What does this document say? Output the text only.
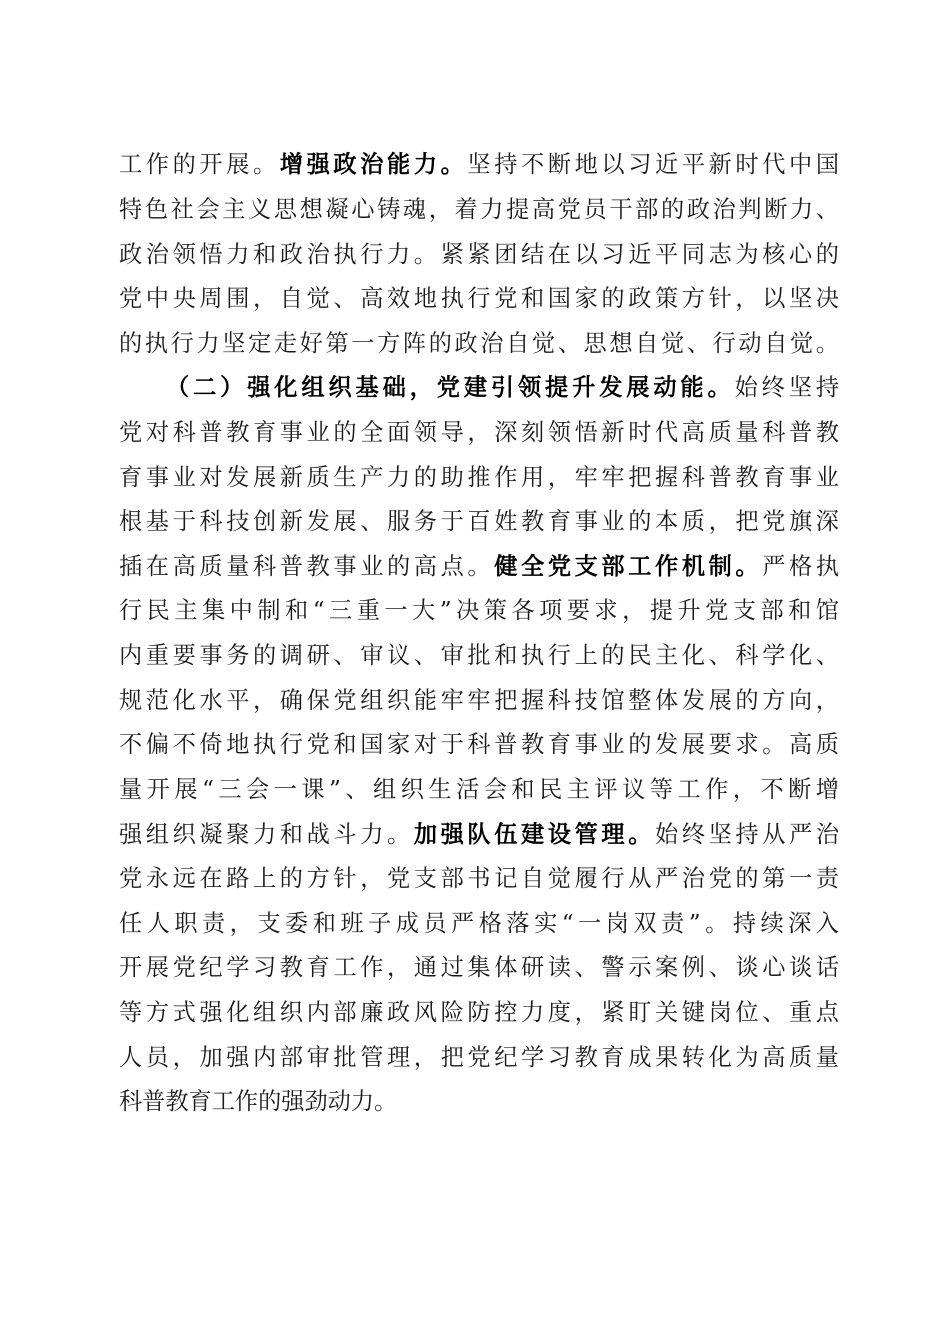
工作的开展。增强政治能力。坚持不断地以习近平新时代中国
特色社会主义思想凝心铸魂，着力提高党员干部的政治判断力、
政治领悟力和政治执行力。紧紧团结在以习近平同志为核心的
党中央周围，自觉、高效地执行党和国家的政策方针，以坚决
的执行力坚定走好第一方阵的政治自觉、思想自觉、行动自觉。
（二）强化组织基础，党建引领提升发展动能。始终坚持
党对科普教育事业的全面领导，深刻领悟新时代高质量科普教
育事业对发展新质生产力的助推作用，牢牢把握科普教育事业
根基于科技创新发展、服务于百姓教育事业的本质，把党旗深
插在高质量科普教事业的高点。健全党支部工作机制。严格执
行民主集中制和“三重一大”决策各项要求，提升党支部和馆
内重要事务的调研、审议、审批和执行上的民主化、科学化、
规范化水平，确保党组织能牢牢把握科技馆整体发展的方向，
不偏不倚地执行党和国家对于科普教育事业的发展要求。高质
量开展“三会一课”、组织生活会和民主评议等工作，不断增
强组织凝聚力和战斗力。加强队伍建设管理。始终坚持从严治
党永远在路上的方针，党支部书记自觉履行从严治党的第一责
任人职责，支委和班子成员严格落实“一岗双责”。持续深入
开展党纪学习教育工作，通过集体研读、警示案例、谈心谈话
等方式强化组织内部廉政风险防控力度，紧盯关键岗位、重点
人员，加强内部审批管理，把党纪学习教育成果转化为高质量
科普教育工作的强劲动力。
